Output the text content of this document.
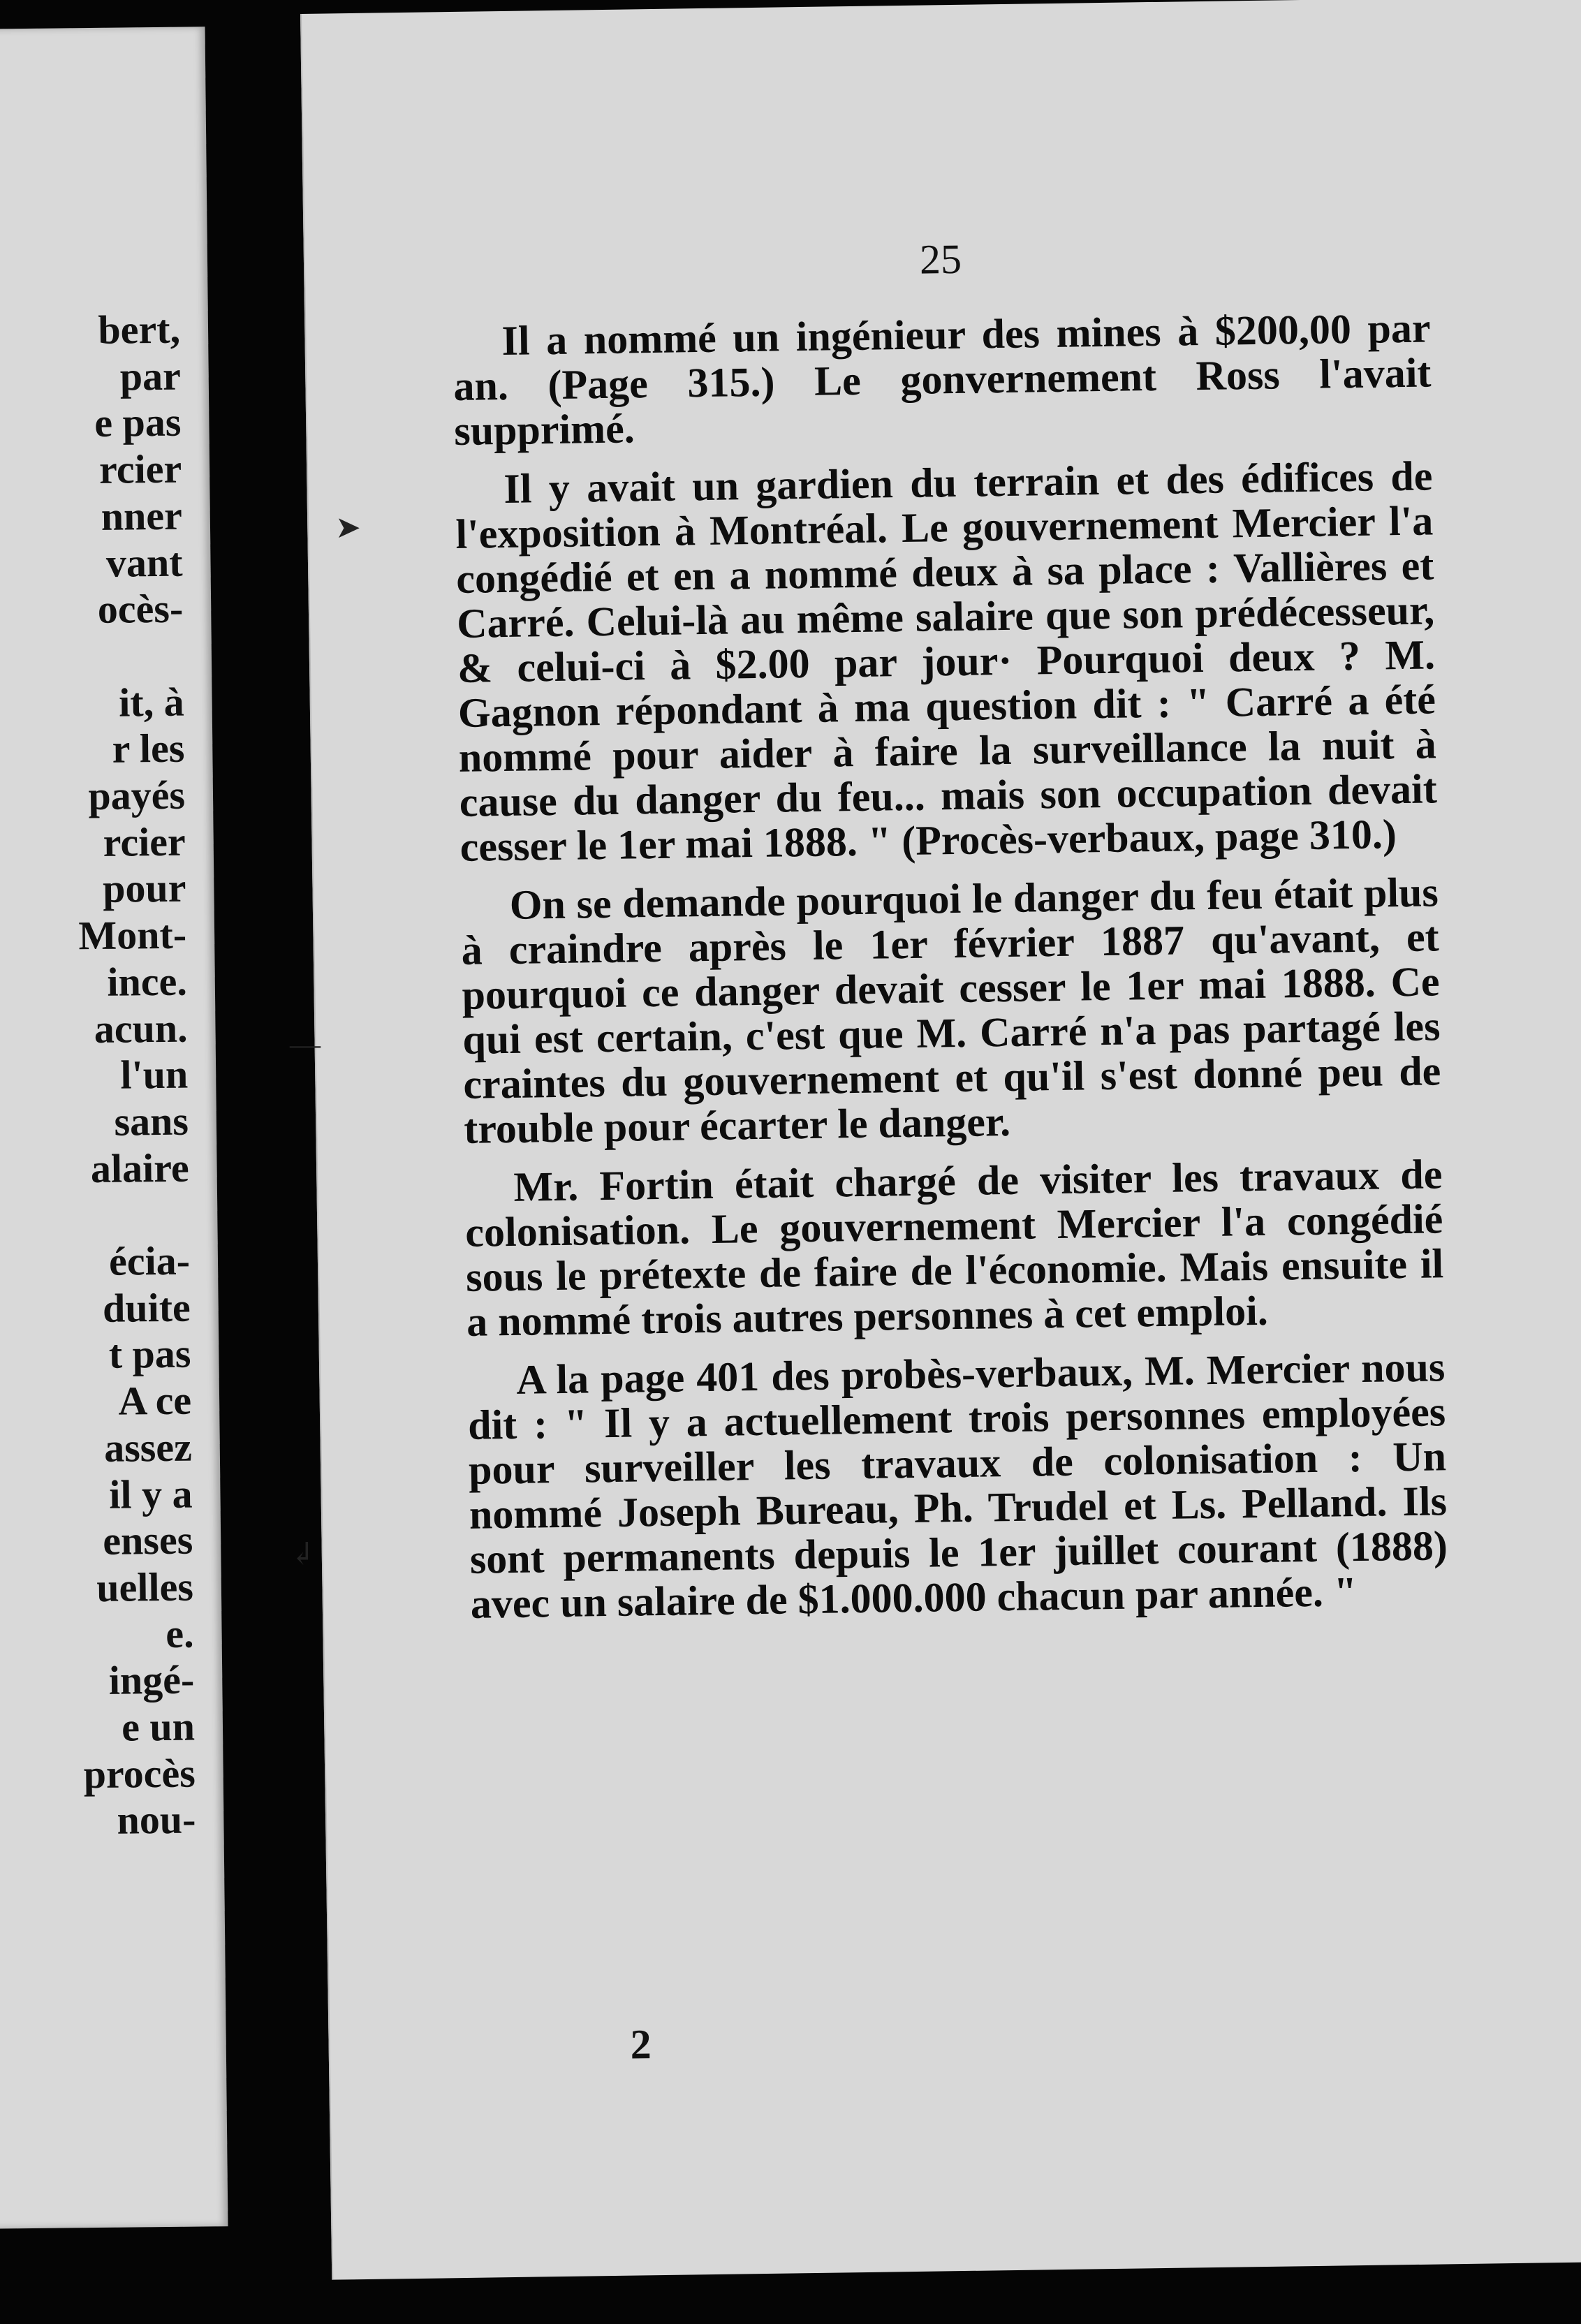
bert,
par
e pas
rcier
nner
vant
ocès-
it, à
r les
payés
rcier
pour
Mont-
ince.
acun.
l'un
sans
alaire
écia-
duite
t pas
A ce
assez
il y a
enses
uelles
e.
ingé-
e un
procès
nou-
25

Il a nommé un ingénieur des mines à $200,00 par an. (Page 315.) Le gonvernement Ross l'avait supprimé.

Il y avait un gardien du terrain et des édifices de l'exposition à Montréal. Le gouvernement Mercier l'a congédié et en a nommé deux à sa place : Vallières et Carré. Celui-là au même salaire que son prédécesseur, & celui-ci à $2.00 par jour· Pourquoi deux ? M. Gagnon répondant à ma question dit : " Carré a été nommé pour aider à faire la surveillance la nuit à cause du danger du feu... mais son occupation devait cesser le 1er mai 1888. " (Procès-verbaux, page 310.)

On se demande pourquoi le danger du feu était plus à craindre après le 1er février 1887 qu'avant, et pourquoi ce danger devait cesser le 1er mai 1888. Ce qui est certain, c'est que M. Carré n'a pas partagé les craintes du gouvernement et qu'il s'est donné peu de trouble pour écarter le danger.

Mr. Fortin était chargé de visiter les travaux de colonisation. Le gouvernement Mercier l'a congédié sous le prétexte de faire de l'économie. Mais ensuite il a nommé trois autres personnes à cet emploi.

A la page 401 des probès-verbaux, M. Mercier nous dit : " Il y a actuellement trois personnes employées pour surveiller les travaux de colonisation : Un nommé Joseph Bureau, Ph. Trudel et Ls. Pelland. Ils sont permanents depuis le 1er juillet courant (1888) avec un salaire de $1.000.000 chacun par année. "

2
➤
—
↲
